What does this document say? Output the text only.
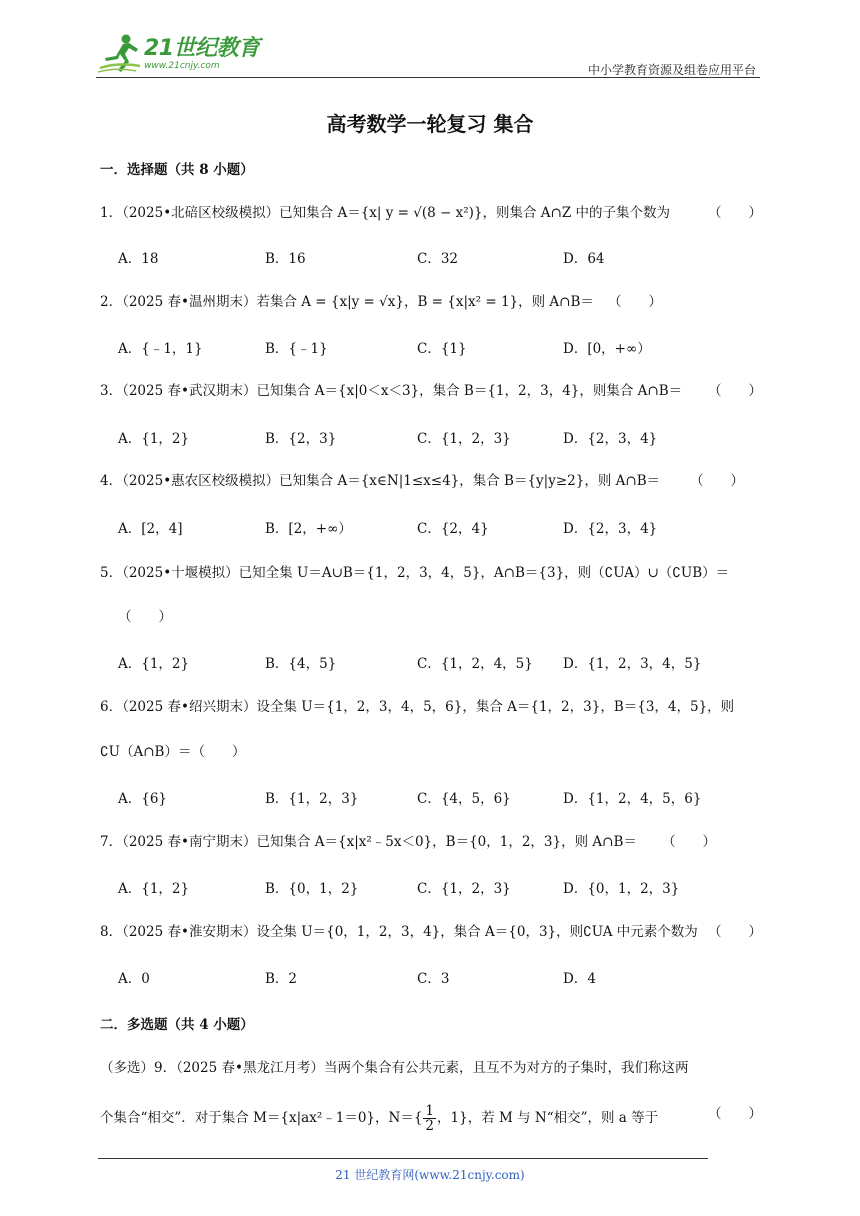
21世纪教育
www.21cnjy.com	中小学教育资源及组卷应用平台
高考数学一轮复习 集合
一．选择题（共 8 小题）
1．（2025•北碚区校级模拟）已知集合 A＝{x| y = √(8 − x²)}，则集合 A∩Z 中的子集个数为	（　　）
A．18	B．16	C．32	D．64
2．（2025 春•温州期末）若集合 A = {x|y = √x}，B = {x|x² = 1}，则 A∩B＝ （　　）
A．{﹣1，1}	B．{﹣1}	C．{1}	D．[0，+∞）
3．（2025 春•武汉期末）已知集合 A＝{x|0＜x＜3}，集合 B＝{1，2，3，4}，则集合 A∩B＝ （　　）
A．{1，2}	B．{2，3}	C．{1，2，3}	D．{2，3，4}
4．（2025•惠农区校级模拟）已知集合 A＝{x∈N|1≤x≤4}，集合 B＝{y|y≥2}，则 A∩B＝ （　　）
A．[2，4]	B．[2，+∞）	C．{2，4}	D．{2，3，4}
5．（2025•十堰模拟）已知全集 U＝A∪B＝{1，2，3，4，5}，A∩B＝{3}，则（∁UA）∪（∁UB）＝
（　　）
A．{1，2}	B．{4，5}	C．{1，2，4，5} D．{1，2，3，4，5}
6．（2025 春•绍兴期末）设全集 U＝{1，2，3，4，5，6}，集合 A＝{1，2，3}，B＝{3，4，5}，则
∁U（A∩B）＝（　　）
A．{6}	B．{1，2，3}	C．{4，5，6}	D．{1，2，4，5，6}
7．（2025 春•南宁期末）已知集合 A＝{x|x²﹣5x＜0}，B＝{0，1，2，3}，则 A∩B＝ （　　）
A．{1，2}	B．{0，1，2}	C．{1，2，3}	D．{0，1，2，3}
8．（2025 春•淮安期末）设全集 U＝{0，1，2，3，4}，集合 A＝{0，3}，则∁UA 中元素个数为 （　　）
A．0	B．2	C．3	D．4
二．多选题（共 4 小题）
（多选）9．（2025 春•黑龙江月考）当两个集合有公共元素，且互不为对方的子集时，我们称这两
个集合“相交”．对于集合 M＝{x|ax²﹣1＝0}，$N=\{ \frac{1}{2}$ ，1}，若 M 与 N“相交”，则 a 等于	（　　）
21 世纪教育网(www.21cnjy.com)
